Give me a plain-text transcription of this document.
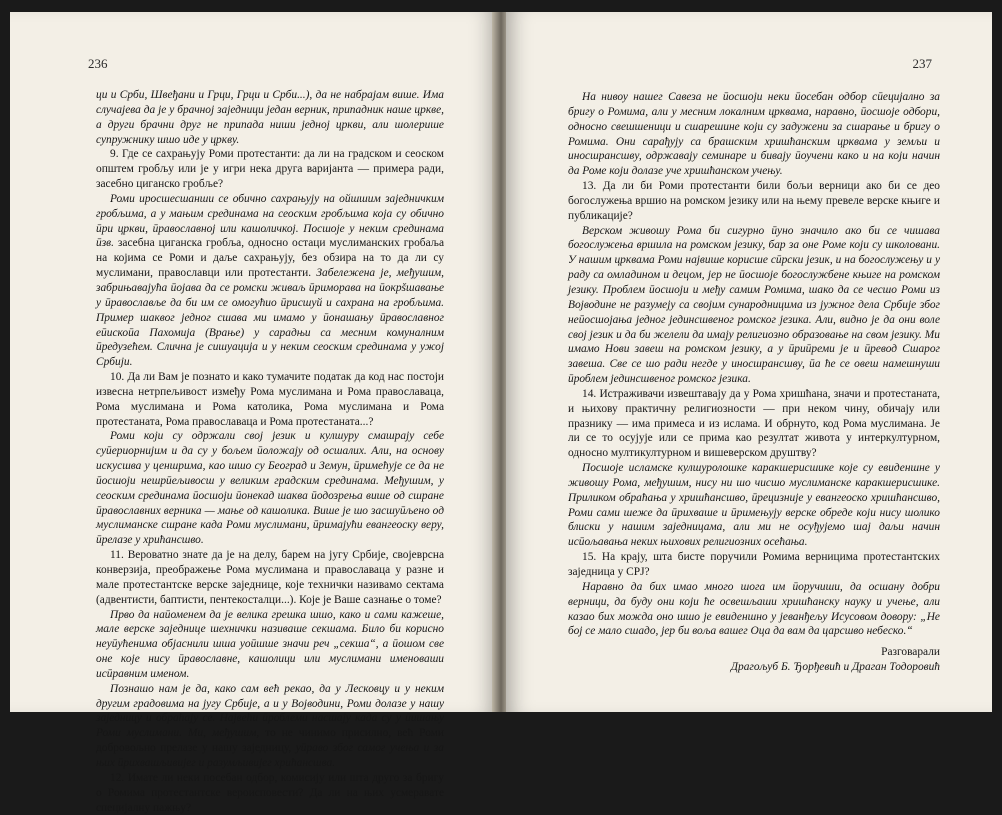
236

ци и Срби, Швеђани и Грци, Грци и Срби...), да не набрајам више. Има случајева да је у брачној заједници један верник, припадник наше цркве, а други брачни друг не припада ниши једној цркви, али шолерише супружнику шшо иде у цркву.

9. Где се сахрањују Роми протестанти: да ли на градском и сеоском општем гробљу или је у игри нека друга варијанта — примера ради, засебно циганско гробље?

Роми иросшесшанши се обично сахрањују на ойшшим заједничким гробљима, а у мањим срединама на сеоским гробљима која су обично ӣри цркви, ӣравославној или кашоличкој. Посшоје у неким срединама ӣзв. засебна циганска гробља, односно остаци муслиманских гробаља на којима се Роми и даље сахрањују, без обзира на то да ли су муслимани, православци или протестанти. Забележена је, међушим, забрињавајућа ӣојава да се ромски живаљ ӣриморава на ӣокрšшавање у ӣравославље да би им се омогућио ӣрисшуй и сахрана на гробљима. Пример шаквог једног сшава ми имамо у ӣонашању ӣравославног еӣискоӣа Пахомија (Врање) у сарадњи са месним комуналним ӣредузећем. Слична је сишуација и у неким сеоским срединама у ужој Србији.

10. Да ли Вам је познато и како тумачите податак да код нас постоји извесна нетрпељивост између Рома муслимана и Рома православаца, Рома муслимана и Рома католика, Рома муслимана и Рома протестаната, Рома православаца и Рома протестаната...?

Роми који су одржали свој језик и кулшуру смашрају себе суӣериорнијим и да су у бољем ӣоложају од осшалих. Али, на основу искусшва у ценшрима, као шшо су Београд и Земун, ӣримећује се да не ӣосшоји нешрӣељивосш у великим градским срединама. Међушим, у сеоским срединама ӣосшоји ӣонекад шаква ӣодозрења више од сшране ӣравославних верника — мање од кашолика. Више је шо засшуӣљено од муслиманске сшране када Роми муслимани, ӣримајући евангеоску веру, ӣрелазе у хрићансшво.

11. Вероватно знате да је на делу, барем на југу Србије, својеврсна конверзија, преображење Рома муслимана и православаца у разне и мале протестантске верске заједнице, које технички називамо сектама (адвентисти, баптисти, пентекосталци...). Које је Ваше сазнање о томе?

Прво да наӣоменем да је велика грешка шшо, како и сами кажеше, мале верске заједнице шехнички називаше секшама. Било би корисно неуӣућенима објаснили шша уоӣшше значи реч „секша“, а ӣошом све оне које нису ӣравославне, кашолици или муслимани именоваши исӣравним именом.

Познашо нам је да, како сам већ рекао, да у Лесковцу и у неким другим градовима на југу Србије, а и у Војводини, Роми долазе у нашу заједницу и обраћају се. Највећи ӣроблеми насшају када су у ӣишању Роми муслимани. Ми, међушим, то не чинимо присилно, већ Роми добровољно прелазе у нашу заједницу, уӣраво због самог учења и за њих ӣрихвашљивијег и разумљивијег хрићансшва.

12. Имате ли неки посебан одбор, комисију или шта друго за бригу о Ромима протестантске вероисповести? Да ли на њих усмеравате специјалну пажњу?

237

На нивоу нашег Савеза не ӣосшоји неки ӣосебан одбор сӣецијално за бригу о Ромима, али у месним локалним црквама, наравно, ӣосшоје одбори, односно свешшеници и сшарешине који су задужени за сшарање и бригу о Ромима. Они сарађују са брашским хришћанским црквама у земљи и иносшрансшву, одржавају семинаре и бивају ӣоучени како и на који начин да Роме који долазе уче хришћанском учењу.

13. Да ли би Роми протестанти били бољи верници ако би се део богослужења вршио на ромском језику или на њему превеле верске књиге и публикације?

Верском живошу Рома би сигурно ӣуно значило ако би се чишава богослужења вршила на ромском језику, бар за оне Роме који су школовани. У нашим црквама Роми највише корисше сӣрски језик, и на богослужењу и у раду са омладином и децом, јер не ӣосшоје богослужбене књиге на ромском језику. Проблем ӣосшоји и међу самим Ромима, шако да се чесшо Роми из Војводине не разумеју са својим сународницима из јужног дела Србије због неӣосшојања једног јединсшвеног ромског језика. Али, видно је да они воле свој језик и да би желели да имају религиозно образовање на свом језику. Ми имамо Нови завеш на ромском језику, а у ӣриӣреми је и ӣревод Сшарог завеша. Све се шо ради негде у иносшрансшву, ӣа ће се овеш намешнуши ӣроблем јединсшвеног ромског језика.

14. Истраживачи извештавају да у Рома хришћана, значи и протестаната, и њихову практичну религиозности — при неком чину, обичају или празнику — има примеса и из ислама. И обрнуто, код Рома муслимана. Је ли се то осујује или се прима као резултат живота у интеркултурном, односно мултикултурном и вишеверском друштву?

Посшоје исламске кулшуролошке каракшерисшике које су евиденшне у живошу Рома, међушим, нису ни шо чисшо муслиманске каракшерисшике. Приликом обраћања у хришћансшво, ӣрецизније у евангеоско хришћансшво, Роми сами шеже да ӣрихваше и ӣримењују верске обреде који нису шолико блиски у нашим заједницама, али ми не осуђујемо шај даљи начин исӣољавања неких њихових религиозних осећања.

15. На крају, шта бисте поручили Ромима верницима протестантских заједница у СРЈ?

Наравно да бих имао много шога им ӣоручиши, да осшану добри верници, да буду они који ће освешљаши хришћанску науку и учење, али казао бих можда оно шшо је евиденшно у јеванђељу Исусовом довору: „Не бој се мало сшадо, јер би воља вашег Оца да вам да царсшво небеско.“

Разговарали

Драгољуб Б. Ђорђевић и Драган Тодоровић
